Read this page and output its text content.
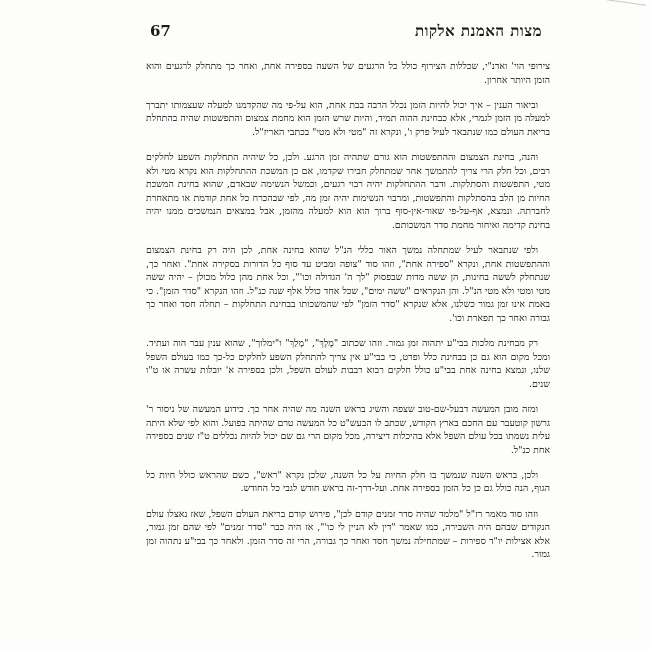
מצות האמנת אלקות
67

צירופי הוי' ואדנ"י, שכללות הצירוף כולל כל הרגעים של השעה בספירה אחת, ואחר כך מתחלק לרגעים והוא הזמן היותר אחרון.

וביאור הענין – איך יכול להיות הזמן נכלל הרבה בבת אחת, הוא על-פי מה שהקדמנו למעלה שעצמותו יתברך למעלה מן הזמן לגמרי, אלא כבחינת ההוה תמיד, והיות שרש הזמן הוא מחמת צמצום והתפשטות שהיה בהתחלת בריאת העולם כמו שנתבאר לעיל פרק ו', ונקרא זה "מטי ולא מטי" בכתבי האריז"ל.

והנה, בחינת הצמצום וההתפשטות הוא גורם שתהיה זמן הרגע. ולכן, כל שיהיה התחלקות השפע לחלקים רבים, וכל חלק הרי צריך להתמשך אחר שמתחלק חבירו שקדמו, אם כן המשכת ההתחלקות הוא נקרא מטי ולא מטי, התפשטות והסתלקות. ודבר ההתחלקות יהיה רבוי רגעים, וכמשל הנשימה שבאדם, שהוא בחינת המשכת החיות מן הלב בהסתלקות והתפשטות, ומרבוי הנשימות יהיה זמן מה, לפי שבהכרח כל אחת קודמת או מתאחרת לחברתה. ונמצא, אף-על-פי שאור-אין-סוף ברוך הוא הוא למעלה מהזמן, אבל במצאים הנמשכים ממנו יהיה בחינת קדימה ואיחור מחמת סדר המשכותם.

ולפי שנתבאר לעיל שמתחלה נמשך האור כללי הנ"ל שהוא בחינה אחת, לכן היה רק בחינת הצמצום וההתפשטות אחת, ונקרא "ספירה אחת", וזהו סוד "צופה ומביט עד סוף כל הדורות בסקירה אחת". ואחר כך, שנתחלק לששה בחינות, הן ששה מדות שבפסוק "לך ה' הגדולה וכו'", וכל אחת מהן כלול מכולן – יהיה ששה מטי ומטי ולא מטי הנ"ל. והן הנקראים "ששה ימים", שכל אחד כולל אלף שנה כנ"ל. וזהו הנקרא "סדר הזמן". כי באמת אינו זמן גמור כשלנו, אלא שנקרא "סדר הזמן" לפי שהמשכותו בבחינת התחלקות – תחלה חסד ואחר כך גבורה ואחר כך תפארת וכו'.

רק מבחינת מלכות בבי"ע יתהוה זמן גמור. וזהו שכתוב "מֶלֶךְ", "מָלַךְ" ו"ימלוך", שהוא ענין עבר הוה ועתיד. ומכל מקום הוא גם כן בבחינת כלל ופרט, כי בבי"ע אין צריך להתחלק השפע לחלקים כל-כך כמו בעולם השפל שלנו, ונמצא בחינה אחת בבי"ע כולל חלקים רבוא רבבות לעולם השפל, ולכן בספירה א' יובלות עשרה או ט"ו שנים.

ומזה מובן המעשה דבעל-שם-טוב שצפה והשיג בראש השנה מה שהיה אחר כך. כידוע המעשה של ניסור ר' גרשון קוטעבר עם החכם בארץ הקודש, שכתב לו הבעש"ט כל המעשה טרם שהיתה בפועל. והוא לפי שלא היתה עלית נשמתו בכל עולם השפל אלא בהיכלות דיצירה, מכל מקום הרי גם שם יכול להיות נכללים ט"ז שנים בספירה אחת כנ"ל.

ולכן, בראש השנה שנמשך בו חלק החיות על כל השנה, שלכן נקרא "ראש", כשם שהראש כולל חיות כל הגוף, הנה כולל גם כן כל הזמן בספירה אחת. ועל-דרך-זה בראש חודש לגבי כל החודש.

וזהו סוד מאמר רז"ל "מלמד שהיה סדר זמנים קודם לכן", פירוש קודם בריאת העולם השפל, שאז נאצלו עולם הנקודים שבהם היה השבירה, כמו שאמר "דין לא הניין לי כו'", אז היה כבר "סדר זמנים" לפי שהם זמן גמור, אלא אצילות יו"ד ספירות – שמתחילה נמשך חסד ואחר כך גבורה, הרי זה סדר הזמן. ולאחר כך בבי"ע נתהוה זמן גמור.
